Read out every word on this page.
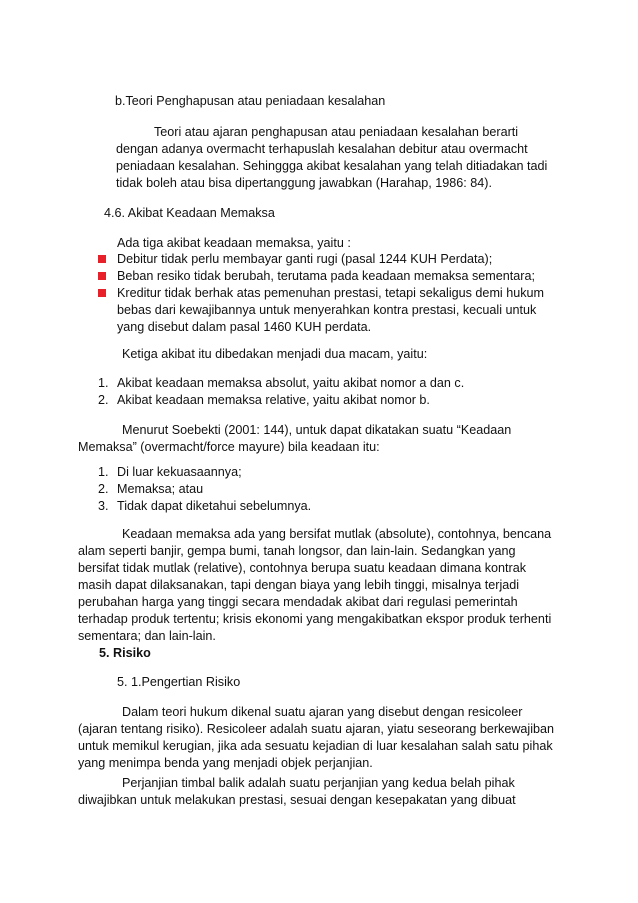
b.Teori Penghapusan atau peniadaan kesalahan

Teori atau ajaran penghapusan atau peniadaan kesalahan berarti dengan adanya overmacht terhapuslah kesalahan debitur atau overmacht peniadaan kesalahan. Sehinggga akibat kesalahan yang telah ditiadakan tadi tidak boleh atau bisa dipertanggung jawabkan (Harahap, 1986: 84).

4.6. Akibat Keadaan Memaksa

Ada tiga akibat keadaan memaksa, yaitu :

Debitur tidak perlu membayar ganti rugi (pasal 1244 KUH Perdata);

Beban resiko tidak berubah, terutama pada keadaan memaksa sementara;

Kreditur tidak berhak atas pemenuhan prestasi, tetapi sekaligus demi hukum bebas dari kewajibannya untuk menyerahkan kontra prestasi, kecuali untuk yang disebut dalam pasal 1460 KUH perdata.

Ketiga akibat itu dibedakan menjadi dua macam, yaitu:

1. Akibat keadaan memaksa absolut, yaitu akibat nomor a dan c.

2. Akibat keadaan memaksa relative, yaitu akibat nomor b.

Menurut Soebekti (2001: 144), untuk dapat dikatakan suatu “Keadaan Memaksa” (overmacht/force mayure) bila keadaan itu:

1. Di luar kekuasaannya;

2. Memaksa; atau

3. Tidak dapat diketahui sebelumnya.

Keadaan memaksa ada yang bersifat mutlak (absolute), contohnya, bencana alam seperti banjir, gempa bumi, tanah longsor, dan lain-lain. Sedangkan yang bersifat tidak mutlak (relative), contohnya berupa suatu keadaan dimana kontrak masih dapat dilaksanakan, tapi dengan biaya yang lebih tinggi, misalnya terjadi perubahan harga yang tinggi secara mendadak akibat dari regulasi pemerintah terhadap produk tertentu; krisis ekonomi yang mengakibatkan ekspor produk terhenti sementara; dan lain-lain.

5. Risiko

5. 1.Pengertian Risiko

Dalam teori hukum dikenal suatu ajaran yang disebut dengan resicoleer (ajaran tentang risiko). Resicoleer adalah suatu ajaran, yiatu seseorang berkewajiban untuk memikul kerugian, jika ada sesuatu kejadian di luar kesalahan salah satu pihak yang menimpa benda yang menjadi objek perjanjian.

Perjanjian timbal balik adalah suatu perjanjian yang kedua belah pihak diwajibkan untuk melakukan prestasi, sesuai dengan kesepakatan yang dibuat
